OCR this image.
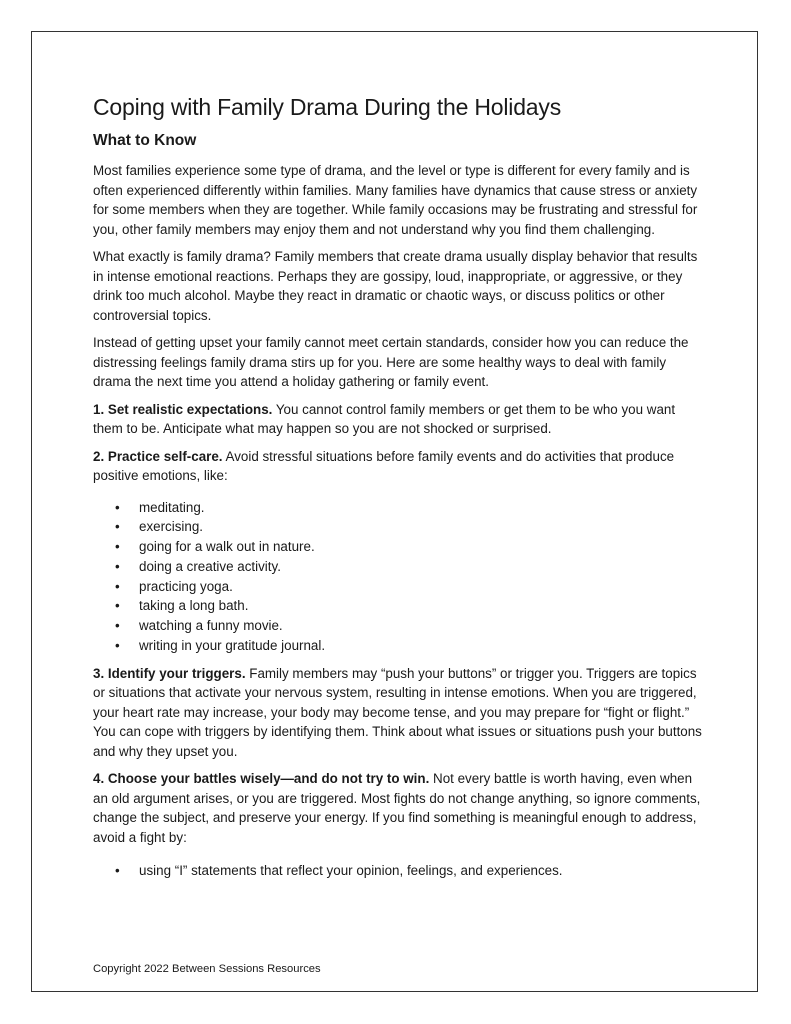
Coping with Family Drama During the Holidays
What to Know

Most families experience some type of drama, and the level or type is different for every family and is often experienced differently within families. Many families have dynamics that cause stress or anxiety for some members when they are together. While family occasions may be frustrating and stressful for you, other family members may enjoy them and not understand why you find them challenging.

What exactly is family drama? Family members that create drama usually display behavior that results in intense emotional reactions. Perhaps they are gossipy, loud, inappropriate, or aggressive, or they drink too much alcohol. Maybe they react in dramatic or chaotic ways, or discuss politics or other controversial topics.

Instead of getting upset your family cannot meet certain standards, consider how you can reduce the distressing feelings family drama stirs up for you. Here are some healthy ways to deal with family drama the next time you attend a holiday gathering or family event.

1. Set realistic expectations. You cannot control family members or get them to be who you want them to be. Anticipate what may happen so you are not shocked or surprised.

2. Practice self-care. Avoid stressful situations before family events and do activities that produce positive emotions, like:

• meditating.
• exercising.
• going for a walk out in nature.
• doing a creative activity.
• practicing yoga.
• taking a long bath.
• watching a funny movie.
• writing in your gratitude journal.

3. Identify your triggers. Family members may “push your buttons” or trigger you. Triggers are topics or situations that activate your nervous system, resulting in intense emotions. When you are triggered, your heart rate may increase, your body may become tense, and you may prepare for “fight or flight.” You can cope with triggers by identifying them. Think about what issues or situations push your buttons and why they upset you.

4. Choose your battles wisely—and do not try to win. Not every battle is worth having, even when an old argument arises, or you are triggered. Most fights do not change anything, so ignore comments, change the subject, and preserve your energy. If you find something is meaningful enough to address, avoid a fight by:

• using “I” statements that reflect your opinion, feelings, and experiences.
Copyright 2022 Between Sessions Resources
